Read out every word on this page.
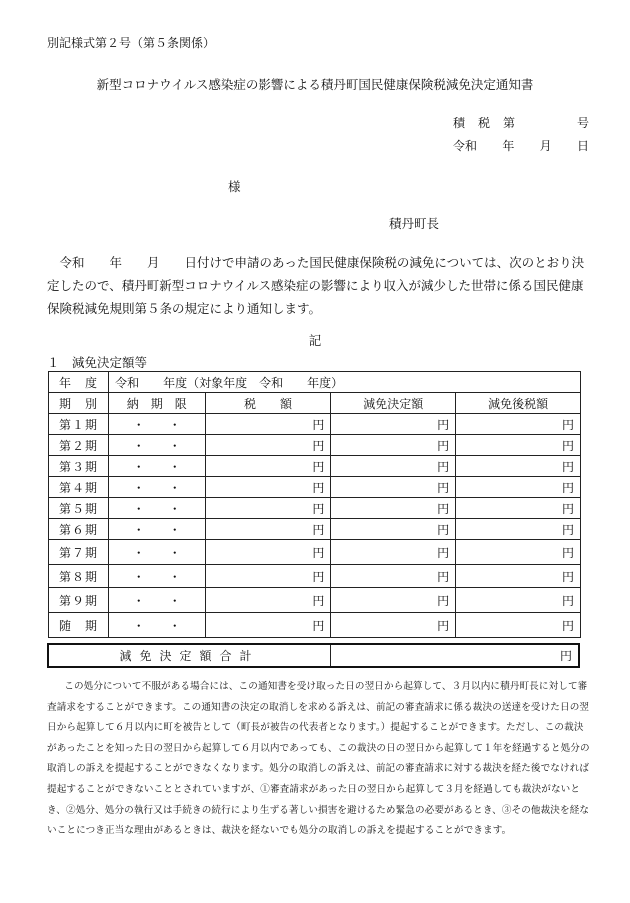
別記様式第２号（第５条関係）
新型コロナウイルス感染症の影響による積丹町国民健康保険税減免決定通知書
積 税 第	号
令和 年 月 日
様
積丹町長

令和　　年　　月　　日付けで申請のあった国民健康保険税の減免については、次のとおり決定したので、積丹町新型コロナウイルス感染症の影響により収入が減少した世帯に係る国民健康保険税減免規則第５条の規定により通知します。

記
１　減免決定額等
年　度	令和　　年度（対象年度　令和　　年度）			
期　別	納　期　限	税　　額	減免決定額	減免後税額
第１期	・　　・	円	円	円
第２期	・　　・	円	円	円
第３期	・　　・	円	円	円
第４期	・　　・	円	円	円
第５期	・　　・	円	円	円
第６期	・　　・	円	円	円
第７期	・　　・	円	円	円
第８期	・　　・	円	円	円
第９期	・　　・	円	円	円
随　期	・　　・	円	円	円
減免決定額合計	円

この処分について不服がある場合には、この通知書を受け取った日の翌日から起算して、３月以内に積丹町長に対して審査請求をすることができます。この通知書の決定の取消しを求める訴えは、前記の審査請求に係る裁決の送達を受けた日の翌日から起算して６月以内に町を被告として（町長が被告の代表者となります。）提起することができます。ただし、この裁決があったことを知った日の翌日から起算して６月以内であっても、この裁決の日の翌日から起算して１年を経過すると処分の取消しの訴えを提起することができなくなります。処分の取消しの訴えは、前記の審査請求に対する裁決を経た後でなければ提起することができないこととされていますが、①審査請求があった日の翌日から起算して３月を経過しても裁決がないとき、②処分、処分の執行又は手続きの続行により生ずる著しい損害を避けるため緊急の必要があるとき、③その他裁決を経ないことにつき正当な理由があるときは、裁決を経ないでも処分の取消しの訴えを提起することができます。
